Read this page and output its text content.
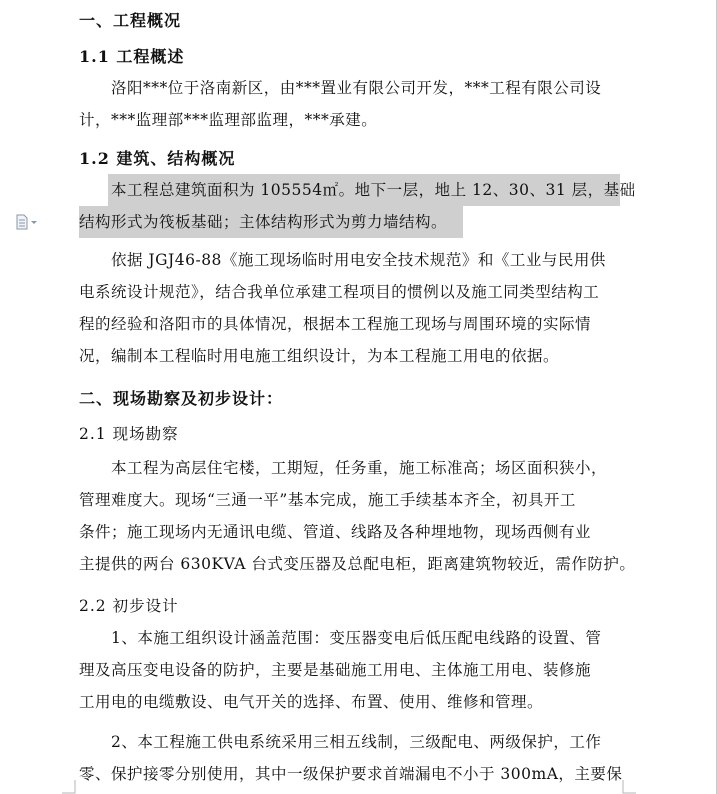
一、工程概况
1.1 工程概述
洛阳***位于洛南新区，由***置业有限公司开发，***工程有限公司设
计，***监理部***监理部监理，***承建。
1.2 建筑、结构概况
本工程总建筑面积为 105554㎡。地下一层，地上 12、30、31 层，基础
结构形式为筏板基础；主体结构形式为剪力墙结构。
依据 JGJ46-88《施工现场临时用电安全技术规范》和《工业与民用供
电系统设计规范》，结合我单位承建工程项目的惯例以及施工同类型结构工
程的经验和洛阳市的具体情况，根据本工程施工现场与周围环境的实际情
况，编制本工程临时用电施工组织设计，为本工程施工用电的依据。
二、现场勘察及初步设计：
2.1 现场勘察
本工程为高层住宅楼，工期短，任务重，施工标准高；场区面积狭小，
管理难度大。现场“三通一平”基本完成，施工手续基本齐全，初具开工
条件；施工现场内无通讯电缆、管道、线路及各种埋地物，现场西侧有业
主提供的两台 630KVA 台式变压器及总配电柜，距离建筑物较近，需作防护。
2.2 初步设计
1、本施工组织设计涵盖范围：变压器变电后低压配电线路的设置、管
理及高压变电设备的防护，主要是基础施工用电、主体施工用电、装修施
工用电的电缆敷设、电气开关的选择、布置、使用、维修和管理。
2、本工程施工供电系统采用三相五线制，三级配电、两级保护，工作
零、保护接零分别使用，其中一级保护要求首端漏电不小于 300mA，主要保
